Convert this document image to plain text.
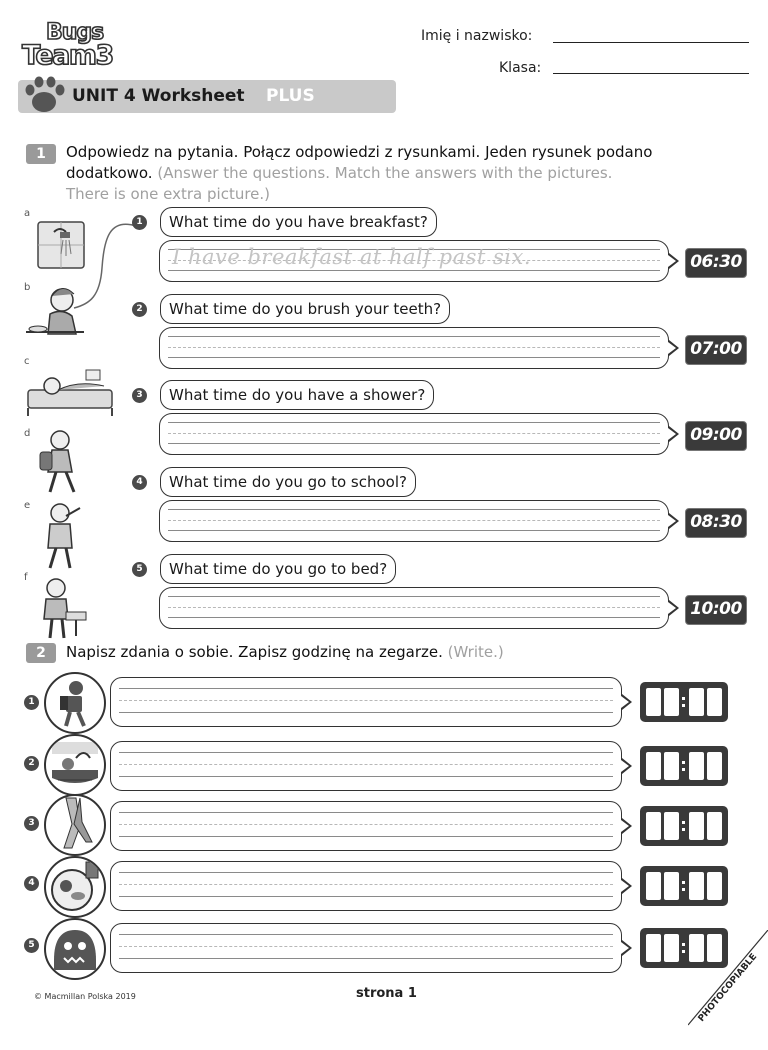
Bugs
Team3
Imię i nazwisko:
Klasa:
UNIT 4 Worksheet PLUS
1	Odpowiedz na pytania. Połącz odpowiedzi z rysunkami. Jeden rysunek podano
dodatkowo. (Answer the questions. Match the answers with the pictures.
There is one extra picture.)
a
b
c
d
e
f
1	What time do you have breakfast?
I have breakfast at half past six.	06:30
2	What time do you brush your teeth?
07:00
3	What time do you have a shower?
09:00
4	What time do you go to school?
08:30
5	What time do you go to bed?
10:00
2	Napisz zdania o sobie. Zapisz godzinę na zegarze. (Write.)
1
2
3
4
5
© Macmillan Polska 2019	strona 1	PHOTOCOPIABLE
